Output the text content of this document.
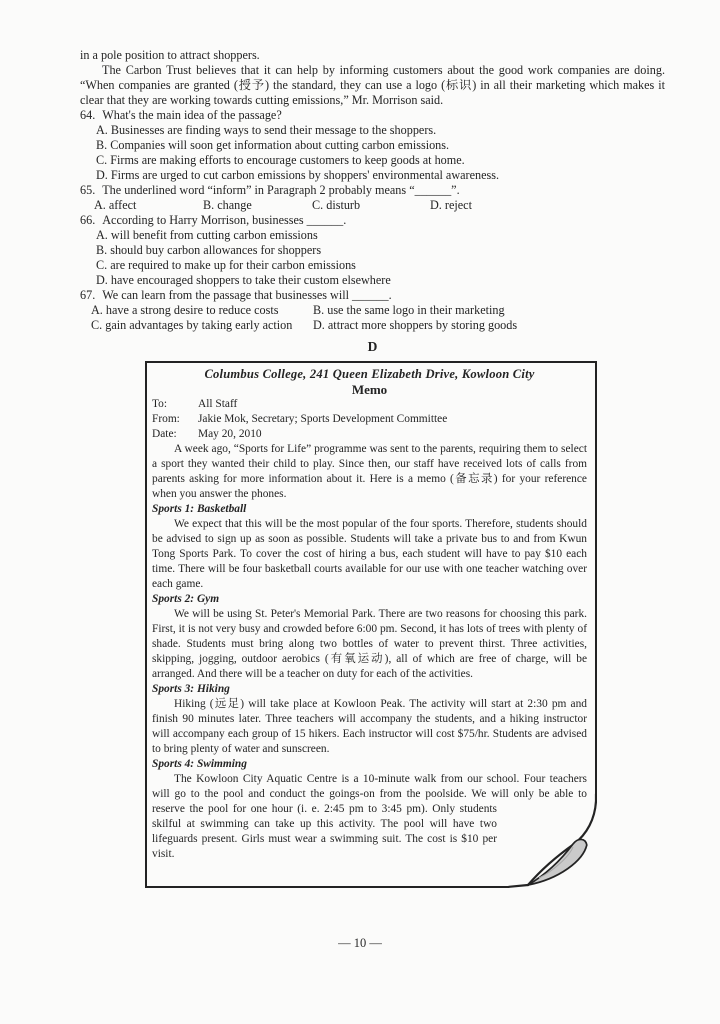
in a pole position to attract shoppers.
The Carbon Trust believes that it can help by informing customers about the good work companies are doing. “When companies are granted (授予) the standard, they can use a logo (标识) in all their marketing which makes it clear that they are working towards cutting emissions,” Mr. Morrison said.
64. What's the main idea of the passage?
A. Businesses are finding ways to send their message to the shoppers.
B. Companies will soon get information about cutting carbon emissions.
C. Firms are making efforts to encourage customers to keep goods at home.
D. Firms are urged to cut carbon emissions by shoppers' environmental awareness.
65. The underlined word “inform” in Paragraph 2 probably means “______”.
A. affect	B. change	C. disturb	D. reject
66. According to Harry Morrison, businesses ______.
A. will benefit from cutting carbon emissions
B. should buy carbon allowances for shoppers
C. are required to make up for their carbon emissions
D. have encouraged shoppers to take their custom elsewhere
67. We can learn from the passage that businesses will ______.
A. have a strong desire to reduce costs	B. use the same logo in their marketing
C. gain advantages by taking early action	D. attract more shoppers by storing goods
D
Columbus College, 241 Queen Elizabeth Drive, Kowloon City
Memo
To:	All Staff
From: Jakie Mok, Secretary; Sports Development Committee
Date: May 20, 2010
A week ago, “Sports for Life” programme was sent to the parents, requiring them to select a sport they wanted their child to play. Since then, our staff have received lots of calls from parents asking for more information about it. Here is a memo (备忘录) for your reference when you answer the phones.
Sports 1: Basketball
We expect that this will be the most popular of the four sports. Therefore, students should be advised to sign up as soon as possible. Students will take a private bus to and from Kwun Tong Sports Park. To cover the cost of hiring a bus, each student will have to pay $10 each time. There will be four basketball courts available for our use with one teacher watching over each game.
Sports 2: Gym
We will be using St. Peter's Memorial Park. There are two reasons for choosing this park. First, it is not very busy and crowded before 6:00 pm. Second, it has lots of trees with plenty of shade. Students must bring along two bottles of water to prevent thirst. Three activities, skipping, jogging, outdoor aerobics (有氧运动), all of which are free of charge, will be arranged. And there will be a teacher on duty for each of the activities.
Sports 3: Hiking
Hiking (远足) will take place at Kowloon Peak. The activity will start at 2:30 pm and finish 90 minutes later. Three teachers will accompany the students, and a hiking instructor will accompany each group of 15 hikers. Each instructor will cost $75/hr. Students are advised to bring plenty of water and sunscreen.
Sports 4: Swimming
The Kowloon City Aquatic Centre is a 10-minute walk from our school. Four teachers will go to the pool and conduct the goings-on from the poolside. We will only be able to reserve the pool for one hour (i. e. 2:45 pm to 3:45 pm). Only students skilful at swimming can take up this activity. The pool will have two lifeguards present. Girls must wear a swimming suit. The cost is $10 per visit.
— 10 —
